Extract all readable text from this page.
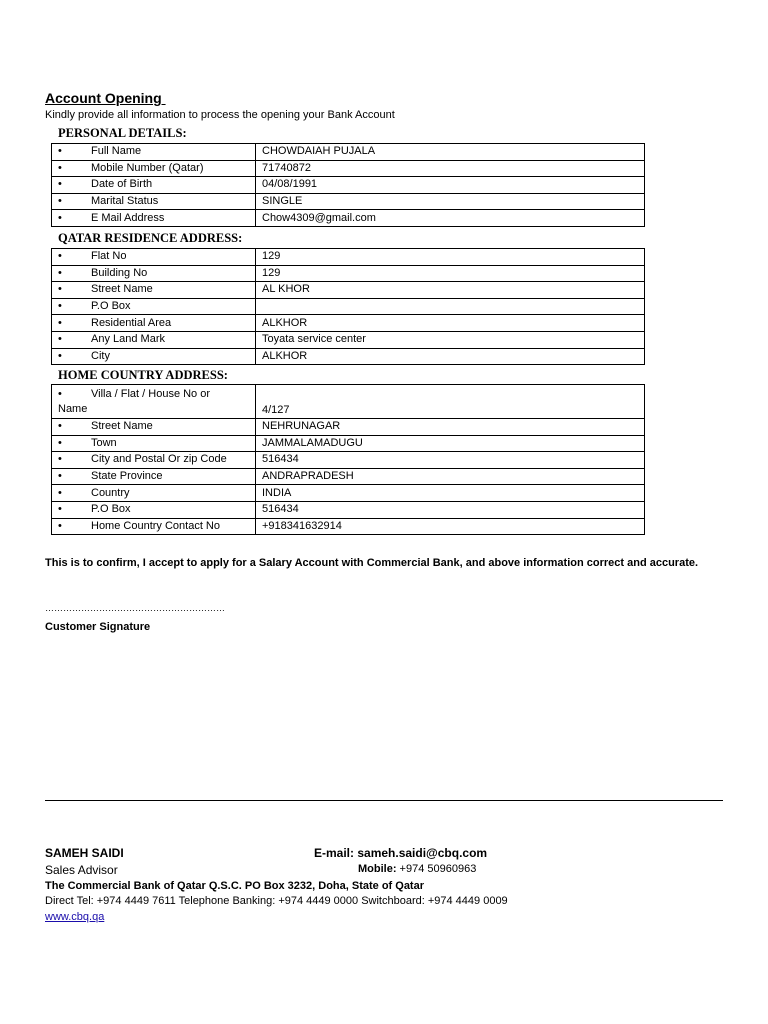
Account Opening
Kindly provide all information to process the opening your Bank Account
PERSONAL DETAILS:
• Full Name	CHOWDAIAH PUJALA
• Mobile Number (Qatar)	71740872
• Date of Birth	04/08/1991
• Marital Status	SINGLE
• E Mail Address	Chow4309@gmail.com
QATAR RESIDENCE ADDRESS:
• Flat No	129
• Building No	129
• Street Name	AL KHOR
• P.O Box	
• Residential Area	ALKHOR
• Any Land Mark	Toyata service center
• City	ALKHOR
HOME COUNTRY ADDRESS:
• Villa / Flat / House No or
Name	4/127
• Street Name	NEHRUNAGAR
• Town	JAMMALAMADUGU
• City and Postal Or zip Code	516434
• State Province	ANDRAPRADESH
• Country	INDIA
• P.O Box	516434
• Home Country Contact No	+918341632914
This is to confirm, I accept to apply for a Salary Account with Commercial Bank, and above information correct and accurate.
……………………………………………………
Customer Signature
SAMEH SAIDI
Sales Advisor
E-mail: sameh.saidi@cbq.com
Mobile: +974 50960963
The Commercial Bank of Qatar Q.S.C. PO Box 3232, Doha, State of Qatar
Direct Tel: +974 4449 7611 Telephone Banking: +974 4449 0000 Switchboard: +974 4449 0009
www.cbq.qa
